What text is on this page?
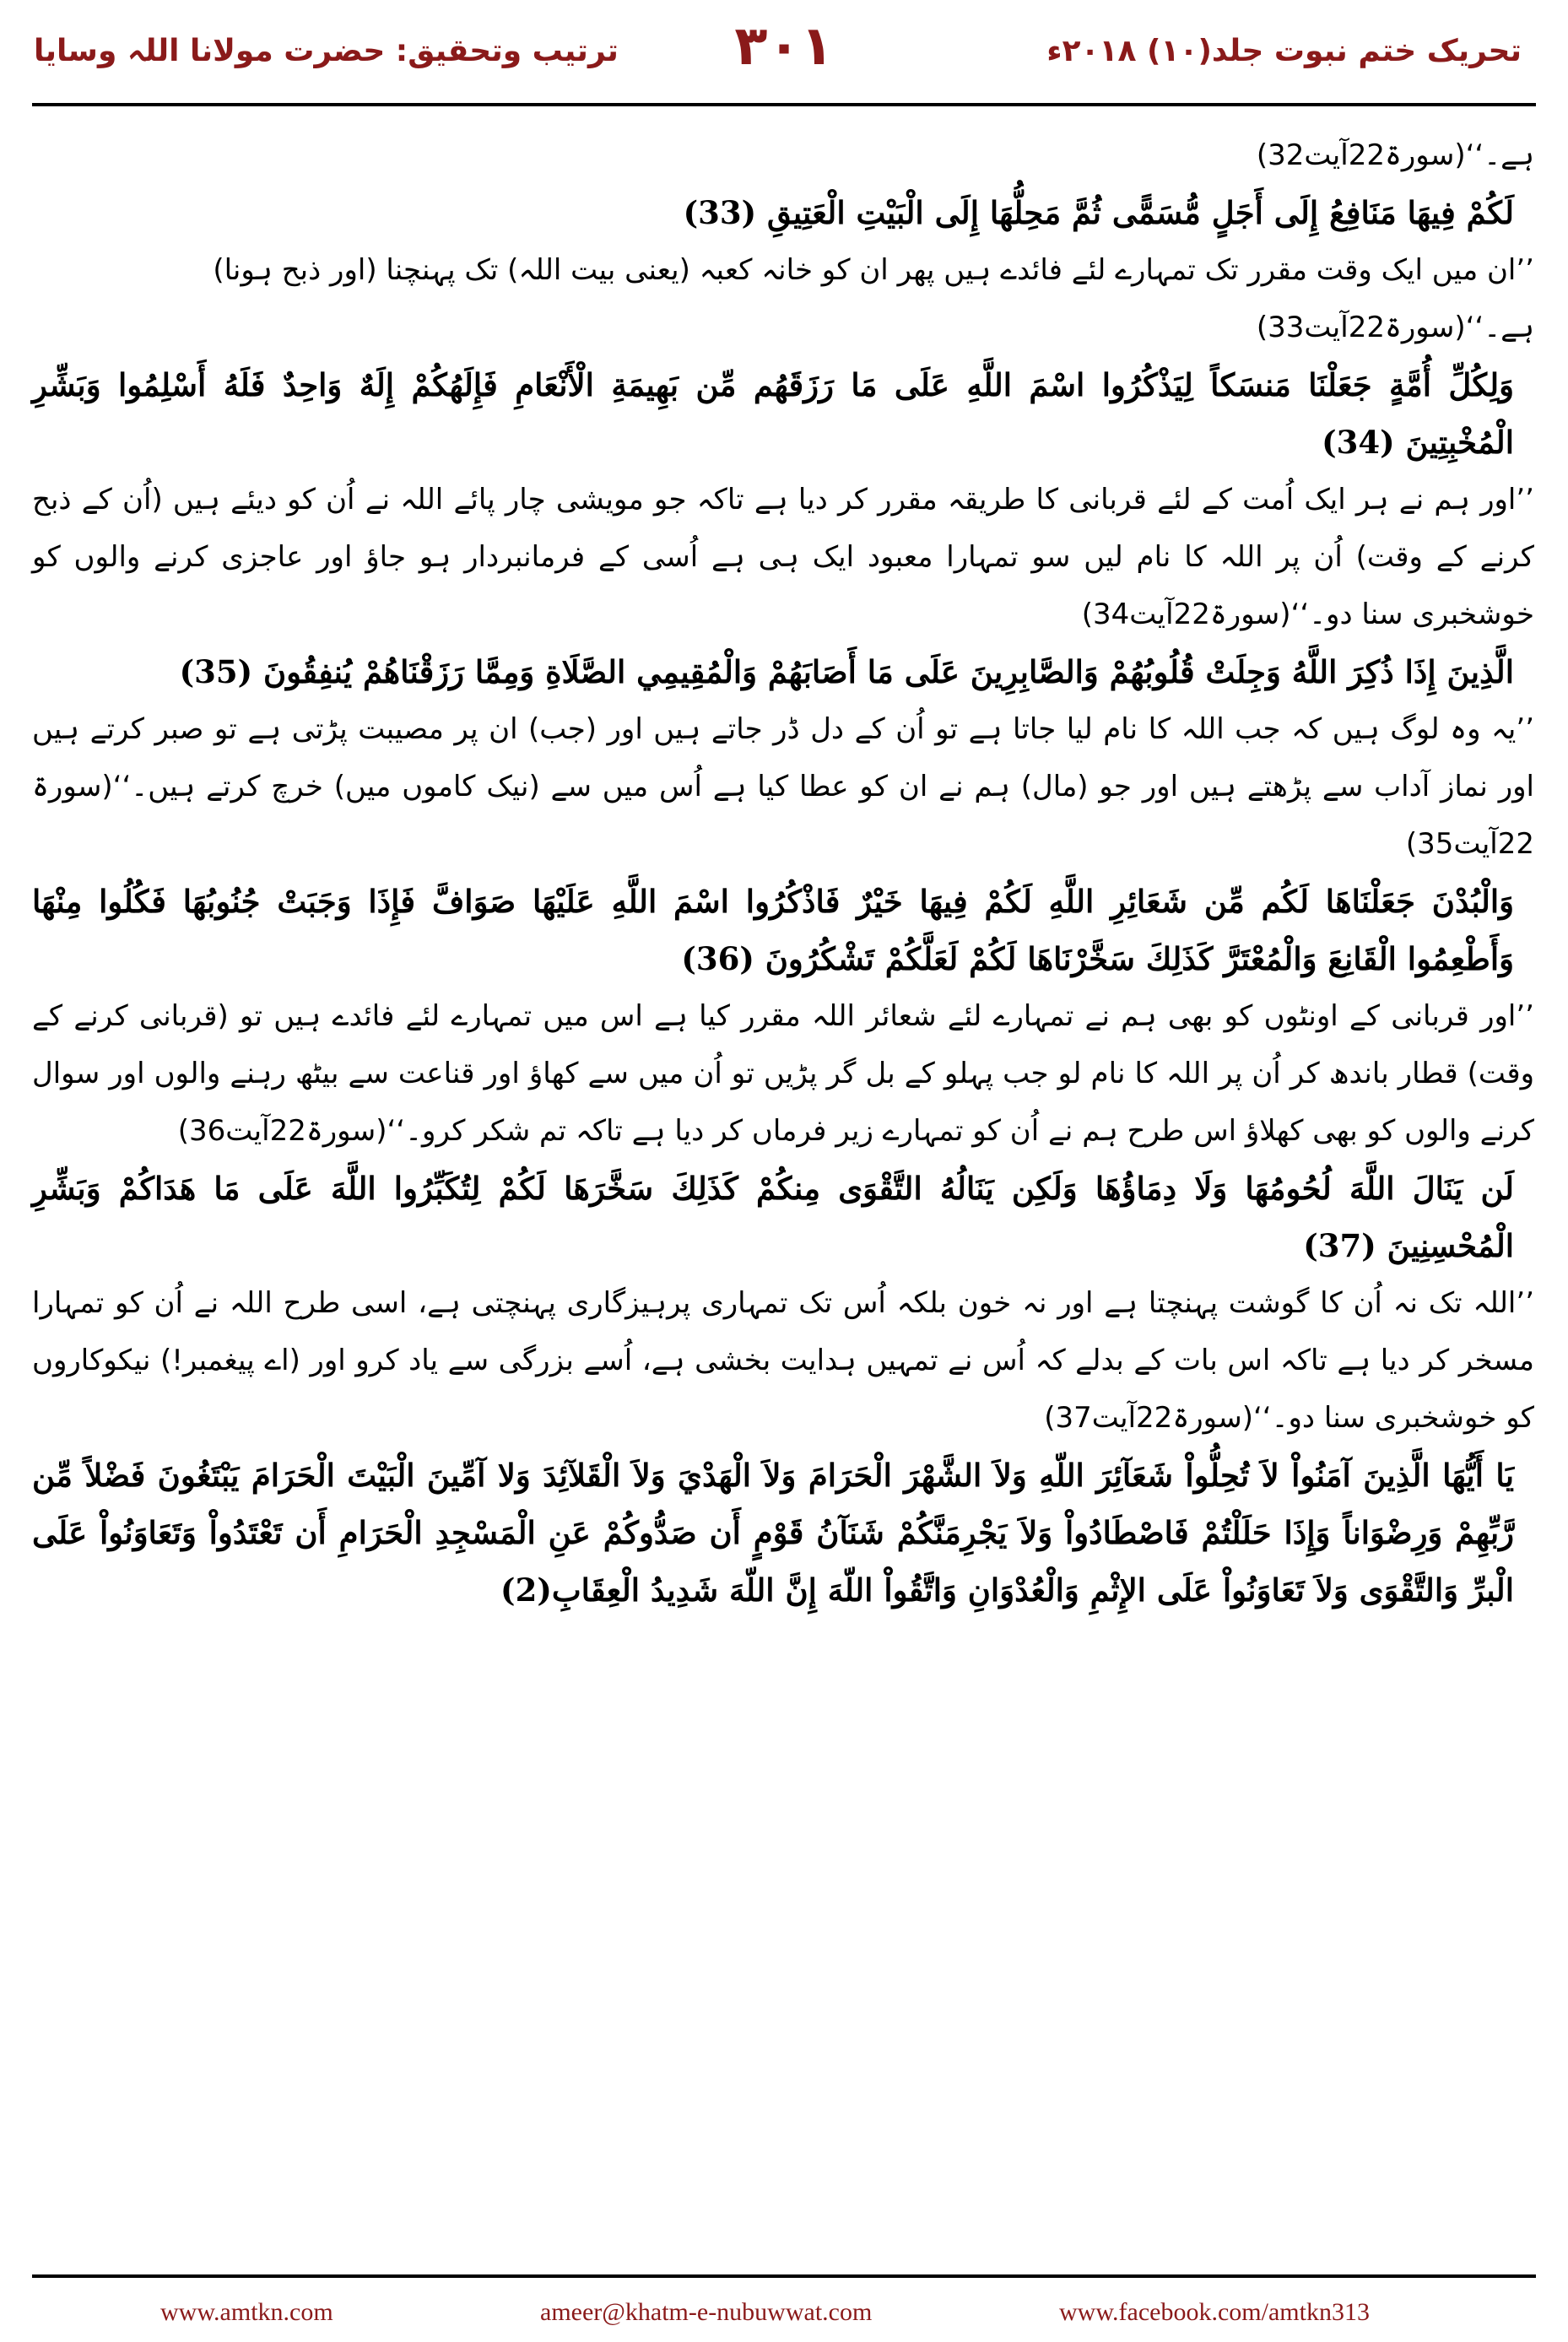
تحریک ختم نبوت جلد(۱۰) ۲۰۱۸ء
۳۰۱
ترتیب وتحقیق: حضرت مولانا اللہ وسایا

ہے۔‘‘(سورۃ22آیت32)

لَكُمْ فِيهَا مَنَافِعُ إِلَى أَجَلٍ مُّسَمًّى ثُمَّ مَحِلُّهَا إِلَى الْبَيْتِ الْعَتِيقِ (33)

’’ان میں ایک وقت مقرر تک تمہارے لئے فائدے ہیں پھر ان کو خانہ کعبہ (یعنی بیت اللہ) تک پہنچنا (اور ذبح ہونا)

ہے۔‘‘(سورۃ22آیت33)

وَلِكُلِّ أُمَّةٍ جَعَلْنَا مَنسَكاً لِيَذْكُرُوا اسْمَ اللَّهِ عَلَى مَا رَزَقَهُم مِّن بَهِيمَةِ الْأَنْعَامِ فَإِلَهُكُمْ إِلَهٌ وَاحِدٌ فَلَهُ أَسْلِمُوا وَبَشِّرِ الْمُخْبِتِينَ (34)

’’اور ہم نے ہر ایک اُمت کے لئے قربانی کا طریقہ مقرر کر دیا ہے تاکہ جو مویشی چار پائے اللہ نے اُن کو دیئے ہیں (اُن کے ذبح کرنے کے وقت) اُن پر اللہ کا نام لیں سو تمہارا معبود ایک ہی ہے اُسی کے فرمانبردار ہو جاؤ اور عاجزی کرنے والوں کو خوشخبری سنا دو۔‘‘(سورۃ22آیت34)

الَّذِينَ إِذَا ذُكِرَ اللَّهُ وَجِلَتْ قُلُوبُهُمْ وَالصَّابِرِينَ عَلَى مَا أَصَابَهُمْ وَالْمُقِيمِي الصَّلَاةِ وَمِمَّا رَزَقْنَاهُمْ يُنفِقُونَ (35)

’’یہ وہ لوگ ہیں کہ جب اللہ کا نام لیا جاتا ہے تو اُن کے دل ڈر جاتے ہیں اور (جب) ان پر مصیبت پڑتی ہے تو صبر کرتے ہیں اور نماز آداب سے پڑھتے ہیں اور جو (مال) ہم نے ان کو عطا کیا ہے اُس میں سے (نیک کاموں میں) خرچ کرتے ہیں۔‘‘(سورۃ 22آیت35)

وَالْبُدْنَ جَعَلْنَاهَا لَكُم مِّن شَعَائِرِ اللَّهِ لَكُمْ فِيهَا خَيْرٌ فَاذْكُرُوا اسْمَ اللَّهِ عَلَيْهَا صَوَافَّ فَإِذَا وَجَبَتْ جُنُوبُهَا فَكُلُوا مِنْهَا وَأَطْعِمُوا الْقَانِعَ وَالْمُعْتَرَّ كَذَلِكَ سَخَّرْنَاهَا لَكُمْ لَعَلَّكُمْ تَشْكُرُونَ (36)

’’اور قربانی کے اونٹوں کو بھی ہم نے تمہارے لئے شعائر اللہ مقرر کیا ہے اس میں تمہارے لئے فائدے ہیں تو (قربانی کرنے کے وقت) قطار باندھ کر اُن پر اللہ کا نام لو جب پہلو کے بل گر پڑیں تو اُن میں سے کھاؤ اور قناعت سے بیٹھ رہنے والوں اور سوال کرنے والوں کو بھی کھلاؤ اس طرح ہم نے اُن کو تمہارے زیر فرماں کر دیا ہے تاکہ تم شکر کرو۔‘‘(سورۃ22آیت36)

لَن يَنَالَ اللَّهَ لُحُومُهَا وَلَا دِمَاؤُهَا وَلَكِن يَنَالُهُ التَّقْوَى مِنكُمْ كَذَلِكَ سَخَّرَهَا لَكُمْ لِتُكَبِّرُوا اللَّهَ عَلَى مَا هَدَاكُمْ وَبَشِّرِ الْمُحْسِنِينَ (37)

’’اللہ تک نہ اُن کا گوشت پہنچتا ہے اور نہ خون بلکہ اُس تک تمہاری پرہیزگاری پہنچتی ہے، اسی طرح اللہ نے اُن کو تمہارا مسخر کر دیا ہے تاکہ اس بات کے بدلے کہ اُس نے تمہیں ہدایت بخشی ہے، اُسے بزرگی سے یاد کرو اور (اے پیغمبر!) نیکوکاروں کو خوشخبری سنا دو۔‘‘(سورۃ22آیت37)

يَا أَيُّهَا الَّذِينَ آمَنُواْ لاَ تُحِلُّواْ شَعَآئِرَ اللّهِ وَلاَ الشَّهْرَ الْحَرَامَ وَلاَ الْهَدْيَ وَلاَ الْقَلآئِدَ وَلا آمِّينَ الْبَيْتَ الْحَرَامَ يَبْتَغُونَ فَضْلاً مِّن رَّبِّهِمْ وَرِضْوَاناً وَإِذَا حَلَلْتُمْ فَاصْطَادُواْ وَلاَ يَجْرِمَنَّكُمْ شَنَآنُ قَوْمٍ أَن صَدُّوكُمْ عَنِ الْمَسْجِدِ الْحَرَامِ أَن تَعْتَدُواْ وَتَعَاوَنُواْ عَلَى الْبرِّ وَالتَّقْوَى وَلاَ تَعَاوَنُواْ عَلَى الإِثْمِ وَالْعُدْوَانِ وَاتَّقُواْ اللّهَ إِنَّ اللّهَ شَدِيدُ الْعِقَابِ(2)

www.amtkn.com	ameer@khatm-e-nubuwwat.com	www.facebook.com/amtkn313
